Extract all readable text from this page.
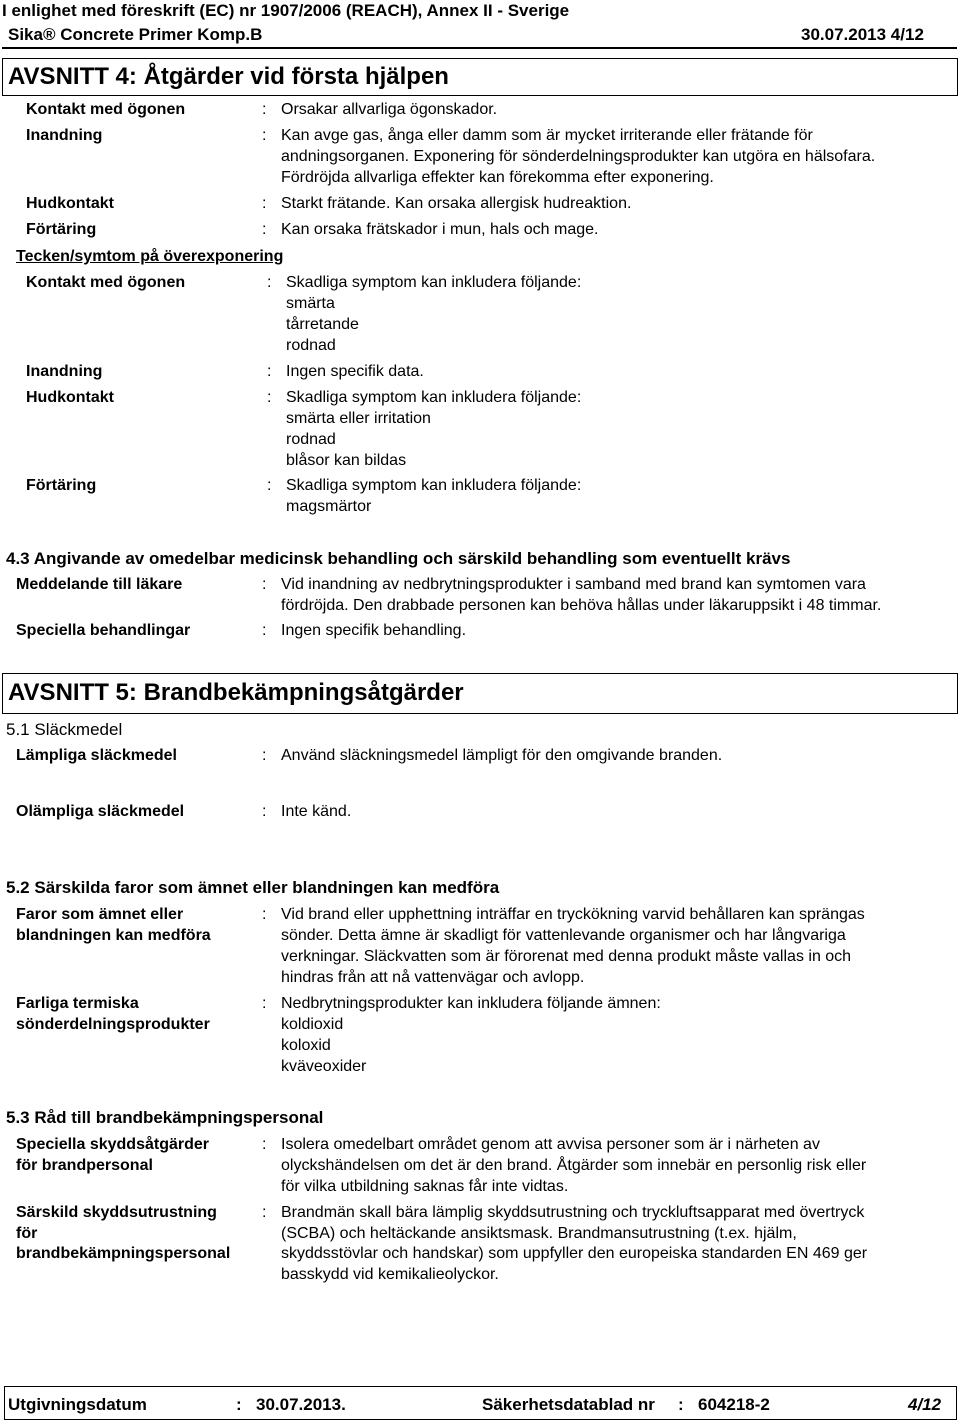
I enlighet med föreskrift (EC) nr 1907/2006 (REACH), Annex II - Sverige
Sika® Concrete Primer Komp.B	30.07.2013 4/12
AVSNITT 4: Åtgärder vid första hjälpen
Kontakt med ögonen	: Orsakar allvarliga ögonskador.
Inandning	: Kan avge gas, ånga eller damm som är mycket irriterande eller frätande för
andningsorganen. Exponering för sönderdelningsprodukter kan utgöra en hälsofara.
Fördröjda allvarliga effekter kan förekomma efter exponering.
Hudkontakt	: Starkt frätande. Kan orsaka allergisk hudreaktion.
Förtäring	: Kan orsaka frätskador i mun, hals och mage.
Tecken/symtom på överexponering
Kontakt med ögonen	: Skadliga symptom kan inkludera följande:
smärta
tårretande
rodnad
Inandning	: Ingen specifik data.
Hudkontakt	: Skadliga symptom kan inkludera följande:
smärta eller irritation
rodnad
blåsor kan bildas
Förtäring	: Skadliga symptom kan inkludera följande:
magsmärtor
4.3 Angivande av omedelbar medicinsk behandling och särskild behandling som eventuellt krävs
Meddelande till läkare	: Vid inandning av nedbrytningsprodukter i samband med brand kan symtomen vara
fördröjda. Den drabbade personen kan behöva hållas under läkaruppsikt i 48 timmar.
Speciella behandlingar	: Ingen specifik behandling.
AVSNITT 5: Brandbekämpningsåtgärder
5.1 Släckmedel
Lämpliga släckmedel	: Använd släckningsmedel lämpligt för den omgivande branden.
Olämpliga släckmedel	: Inte känd.
5.2 Särskilda faror som ämnet eller blandningen kan medföra
Faror som ämnet eller
blandningen kan medföra
: Vid brand eller upphettning inträffar en tryckökning varvid behållaren kan sprängas
sönder. Detta ämne är skadligt för vattenlevande organismer och har långvariga
verkningar. Släckvatten som är förorenat med denna produkt måste vallas in och
hindras från att nå vattenvägar och avlopp.
Farliga termiska
sönderdelningsprodukter
: Nedbrytningsprodukter kan inkludera följande ämnen:
koldioxid
koloxid
kväveoxider
5.3 Råd till brandbekämpningspersonal
Speciella skyddsåtgärder
för brandpersonal
: Isolera omedelbart området genom att avvisa personer som är i närheten av
olyckshändelsen om det är den brand. Åtgärder som innebär en personlig risk eller
för vilka utbildning saknas får inte vidtas.
Särskild skyddsutrustning
för
brandbekämpningspersonal
: Brandmän skall bära lämplig skyddsutrustning och tryckluftsapparat med övertryck
(SCBA) och heltäckande ansiktsmask. Brandmansutrustning (t.ex. hjälm,
skyddsstövlar och handskar) som uppfyller den europeiska standarden EN 469 ger
basskydd vid kemikalieolyckor.
Utgivningsdatum	: 30.07.2013.	Säkerhetsdatablad nr : 604218-2	4/12
